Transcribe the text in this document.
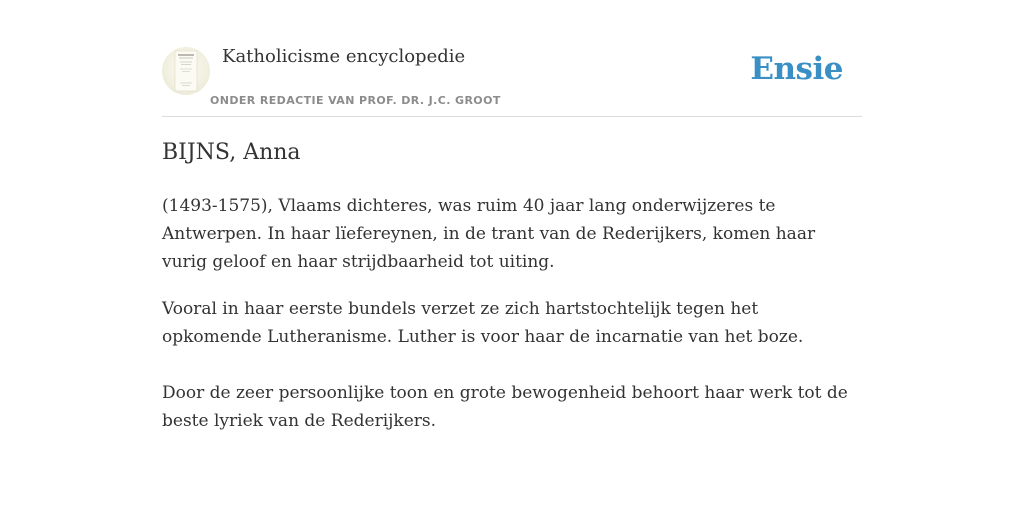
Katholicisme encyclopedie
ONDER REDACTIE VAN PROF. DR. J.C. GROOT
Ensie
BIJNS, Anna

(1493-1575), Vlaams dichteres, was ruim 40 jaar lang onderwijzeres te Antwerpen. In haar lïefereynen, in de trant van de Rederijkers, komen haar vurig geloof en haar strijdbaarheid tot uiting.

Vooral in haar eerste bundels verzet ze zich hartstochtelijk tegen het opkomende Lutheranisme. Luther is voor haar de incarnatie van het boze.

Door de zeer persoonlijke toon en grote bewogenheid behoort haar werk tot de beste lyriek van de Rederijkers.
